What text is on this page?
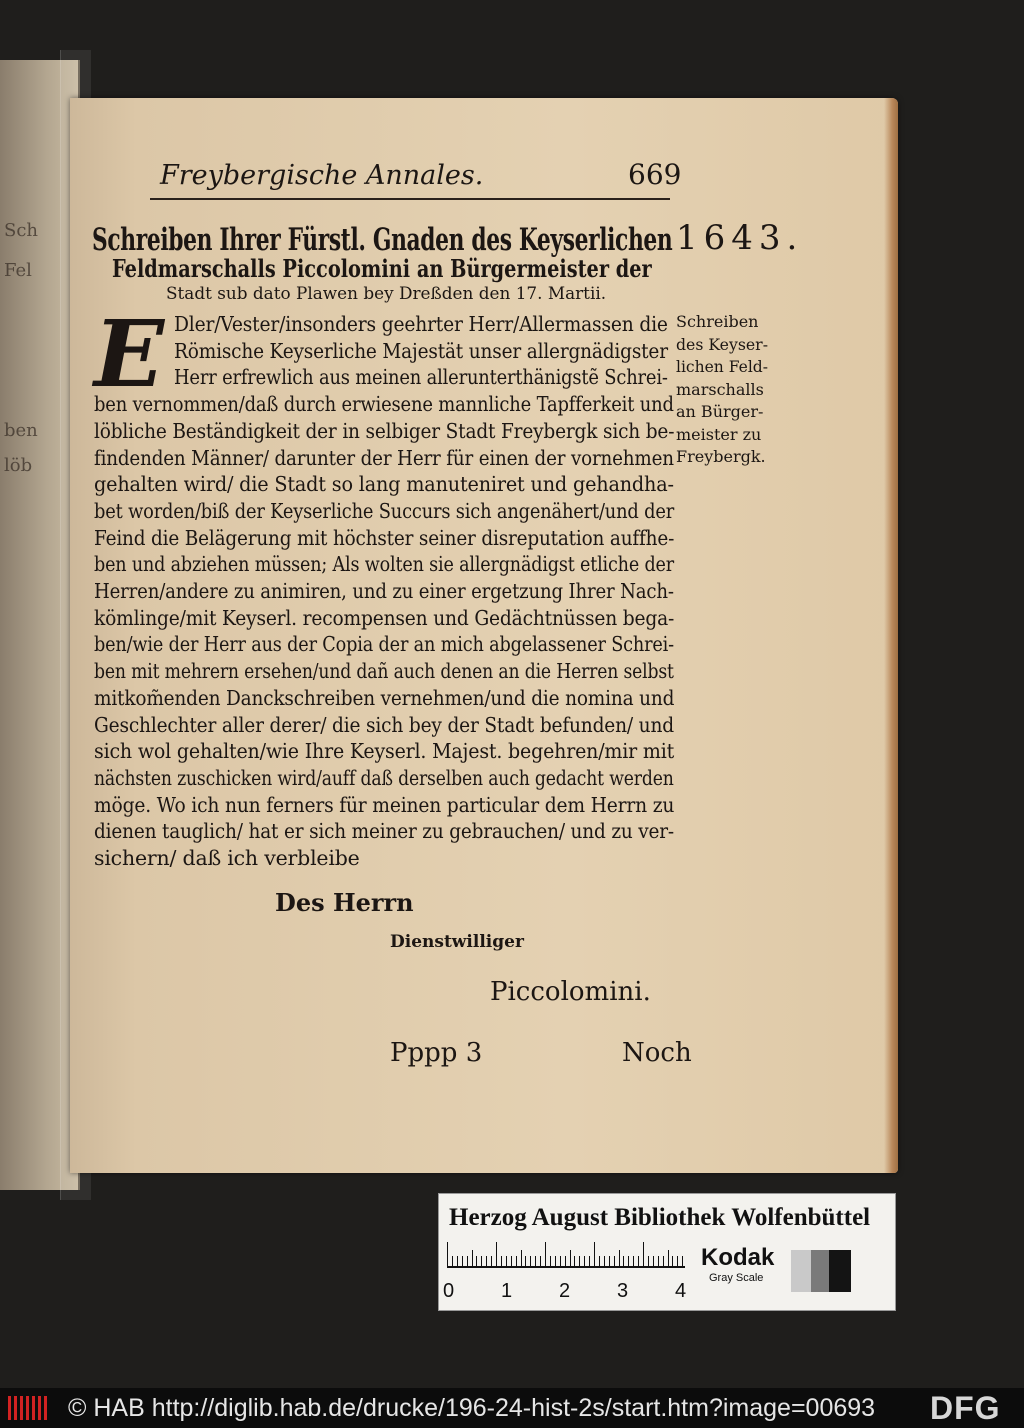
Sch
Fel
ben
löb
Freybergische Annales.	669
Schreiben Ihrer Fürstl. Gnaden des Keyserlichen 1643.
Feldmarschalls Piccolomini an Bürgermeister der
Stadt sub dato Plawen bey Dreßden den 17. Martii.
E Dler/Vester/insonders geehrter Herr/Allermassen die
Römische Keyserliche Majestät unser allergnädigster
Herr erfrewlich aus meinen allerunterthänigstẽ Schrei-
ben vernommen/daß durch erwiesene mannliche Tapfferkeit und
löbliche Beständigkeit der in selbiger Stadt Freybergk sich be-
findenden Männer/ darunter der Herr für einen der vornehmen
gehalten wird/ die Stadt so lang manuteniret und gehandha-
bet worden/biß der Keyserliche Succurs sich angenähert/und der
Feind die Belägerung mit höchster seiner disreputation auffhe-
ben und abziehen müssen; Als wolten sie allergnädigst etliche der
Herren/andere zu animiren, und zu einer ergetzung Ihrer Nach-
kömlinge/mit Keyserl. recompensen und Gedächtnüssen bega-
ben/wie der Herr aus der Copia der an mich abgelassener Schrei-
ben mit mehrern ersehen/und dañ auch denen an die Herren selbst
mitkom̃enden Danckschreiben vernehmen/und die nomina und
Geschlechter aller derer/ die sich bey der Stadt befunden/ und
sich wol gehalten/wie Ihre Keyserl. Majest. begehren/mir mit
nächsten zuschicken wird/auff daß derselben auch gedacht werden
möge. Wo ich nun ferners für meinen particular dem Herrn zu
dienen tauglich/ hat er sich meiner zu gebrauchen/ und zu ver-
sichern/ daß ich verbleibe
Schreiben
des Keyser-
lichen Feld-
marschalls
an Bürger-
meister zu
Freybergk.
Des Herrn
Dienstwilliger
Piccolomini.
Pppp 3	Noch
Herzog August Bibliothek Wolfenbüttel
0 1 2 3 4
Kodak
Gray Scale
© HAB http://diglib.hab.de/drucke/196-24-hist-2s/start.htm?image=00693 DFG
